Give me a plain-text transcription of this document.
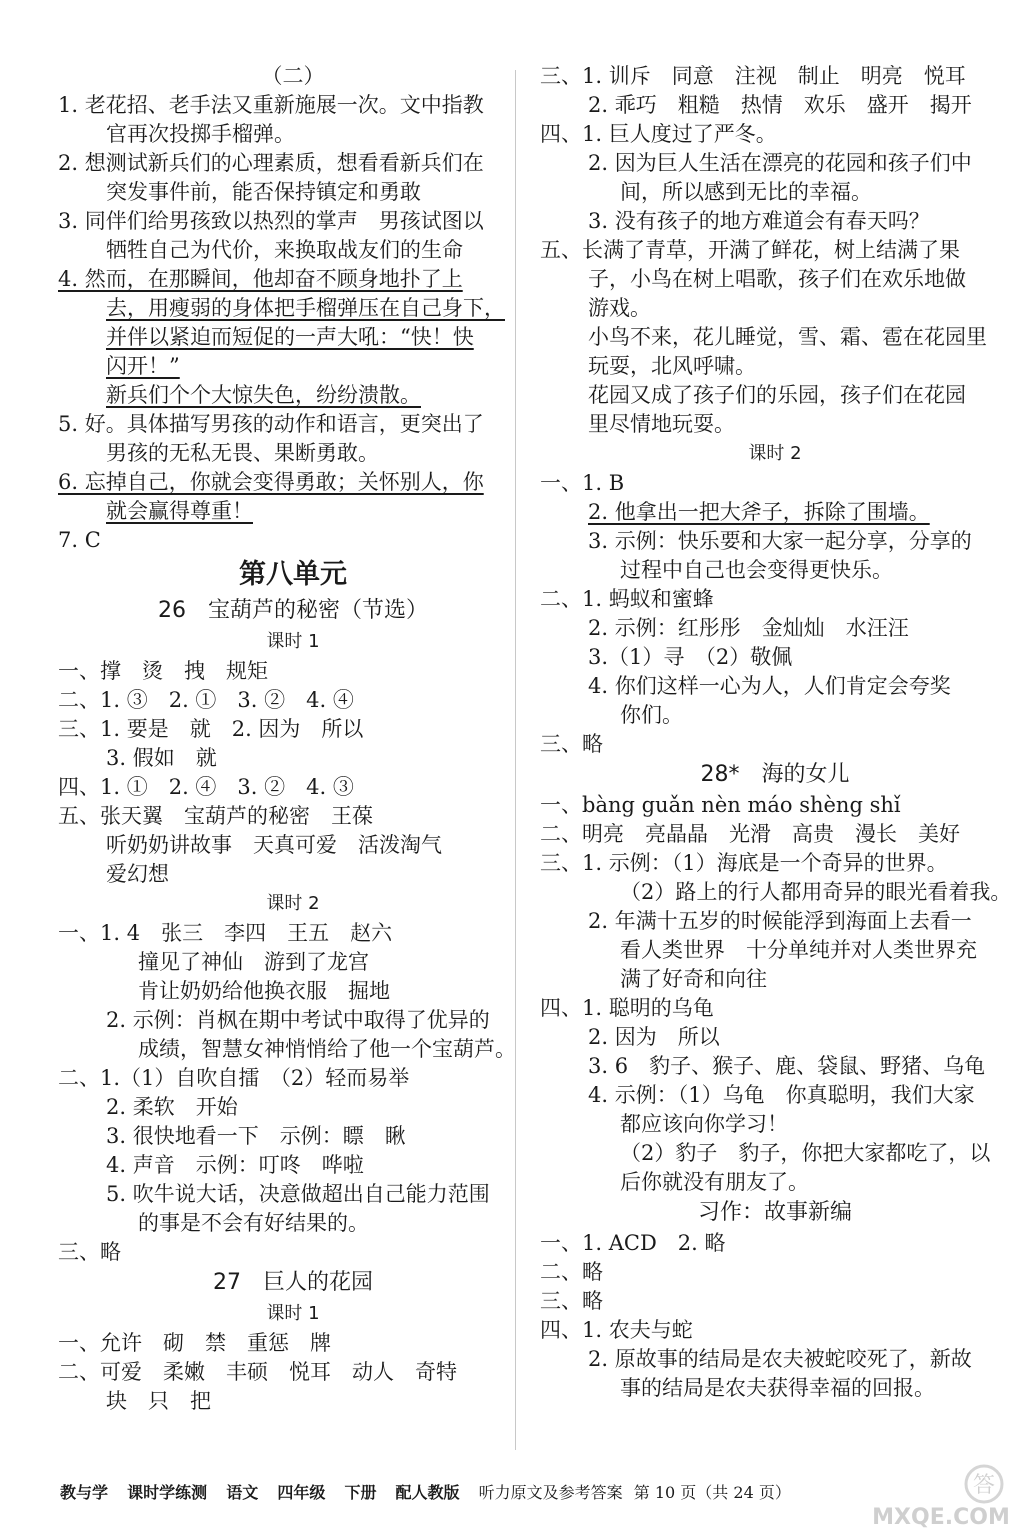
（二）
1. 老花招、老手法又重新施展一次。文中指教
官再次投掷手榴弹。
2. 想测试新兵们的心理素质，想看看新兵们在
突发事件前，能否保持镇定和勇敢
3. 同伴们给男孩致以热烈的掌声　男孩试图以
牺牲自己为代价，来换取战友们的生命
4. 然而，在那瞬间，他却奋不顾身地扑了上
去，用瘦弱的身体把手榴弹压在自己身下，
并伴以紧迫而短促的一声大吼：“快！快
闪开！”
新兵们个个大惊失色，纷纷溃散。
5. 好。具体描写男孩的动作和语言，更突出了
男孩的无私无畏、果断勇敢。
6. 忘掉自己，你就会变得勇敢；关怀别人，你
就会赢得尊重！
7. C
第八单元
26　宝葫芦的秘密（节选）
课时 1
一、撑　烫　拽　规矩
二、1. ③　2. ①　3. ②　4. ④
三、1. 要是　就　2. 因为　所以
3. 假如　就
四、1. ①　2. ④　3. ②　4. ③
五、张天翼　宝葫芦的秘密　王葆
听奶奶讲故事　天真可爱　活泼淘气
爱幻想
课时 2
一、1. 4　张三　李四　王五　赵六
撞见了神仙　游到了龙宫
肯让奶奶给他换衣服　掘地
2. 示例：肖枫在期中考试中取得了优异的
成绩，智慧女神悄悄给了他一个宝葫芦。
二、1.（1）自吹自擂　（2）轻而易举
2. 柔软　开始
3. 很快地看一下　示例：瞟　瞅
4. 声音　示例：叮咚　哗啦
5. 吹牛说大话，决意做超出自己能力范围
的事是不会有好结果的。
三、略
27　巨人的花园
课时 1
一、允许　砌　禁　重惩　牌
二、可爱　柔嫩　丰硕　悦耳　动人　奇特
块　只　把
三、1. 训斥　同意　注视　制止　明亮　悦耳
2. 乖巧　粗糙　热情　欢乐　盛开　揭开
四、1. 巨人度过了严冬。
2. 因为巨人生活在漂亮的花园和孩子们中
间，所以感到无比的幸福。
3. 没有孩子的地方难道会有春天吗？
五、长满了青草，开满了鲜花，树上结满了果
子，小鸟在树上唱歌，孩子们在欢乐地做
游戏。
小鸟不来，花儿睡觉，雪、霜、雹在花园里
玩耍，北风呼啸。
花园又成了孩子们的乐园，孩子们在花园
里尽情地玩耍。
课时 2
一、1. B
2. 他拿出一把大斧子，拆除了围墙。
3. 示例：快乐要和大家一起分享，分享的
过程中自己也会变得更快乐。
二、1. 蚂蚁和蜜蜂
2. 示例：红彤彤　金灿灿　水汪汪
3.（1）寻　（2）敬佩
4. 你们这样一心为人，人们肯定会夸奖
你们。
三、略
28*　海的女儿
一、bàng guǎn nèn máo shèng shǐ
二、明亮　亮晶晶　光滑　高贵　漫长　美好
三、1. 示例：（1）海底是一个奇异的世界。
（2）路上的行人都用奇异的眼光看着我。
2. 年满十五岁的时候能浮到海面上去看一
看人类世界　十分单纯并对人类世界充
满了好奇和向往
四、1. 聪明的乌龟
2. 因为　所以
3. 6　豹子、猴子、鹿、袋鼠、野猪、乌龟
4. 示例：（1）乌龟　你真聪明，我们大家
都应该向你学习！
（2）豹子　豹子，你把大家都吃了，以
后你就没有朋友了。
习作：故事新编
一、1. ACD　2. 略
二、略
三、略
四、1. 农夫与蛇
2. 原故事的结局是农夫被蛇咬死了，新故
事的结局是农夫获得幸福的回报。
教与学 课时学练测 语文 四年级 下册 配人教版 听力原文及参考答案 第 10 页（共 24 页）	答
MXQE.COM
